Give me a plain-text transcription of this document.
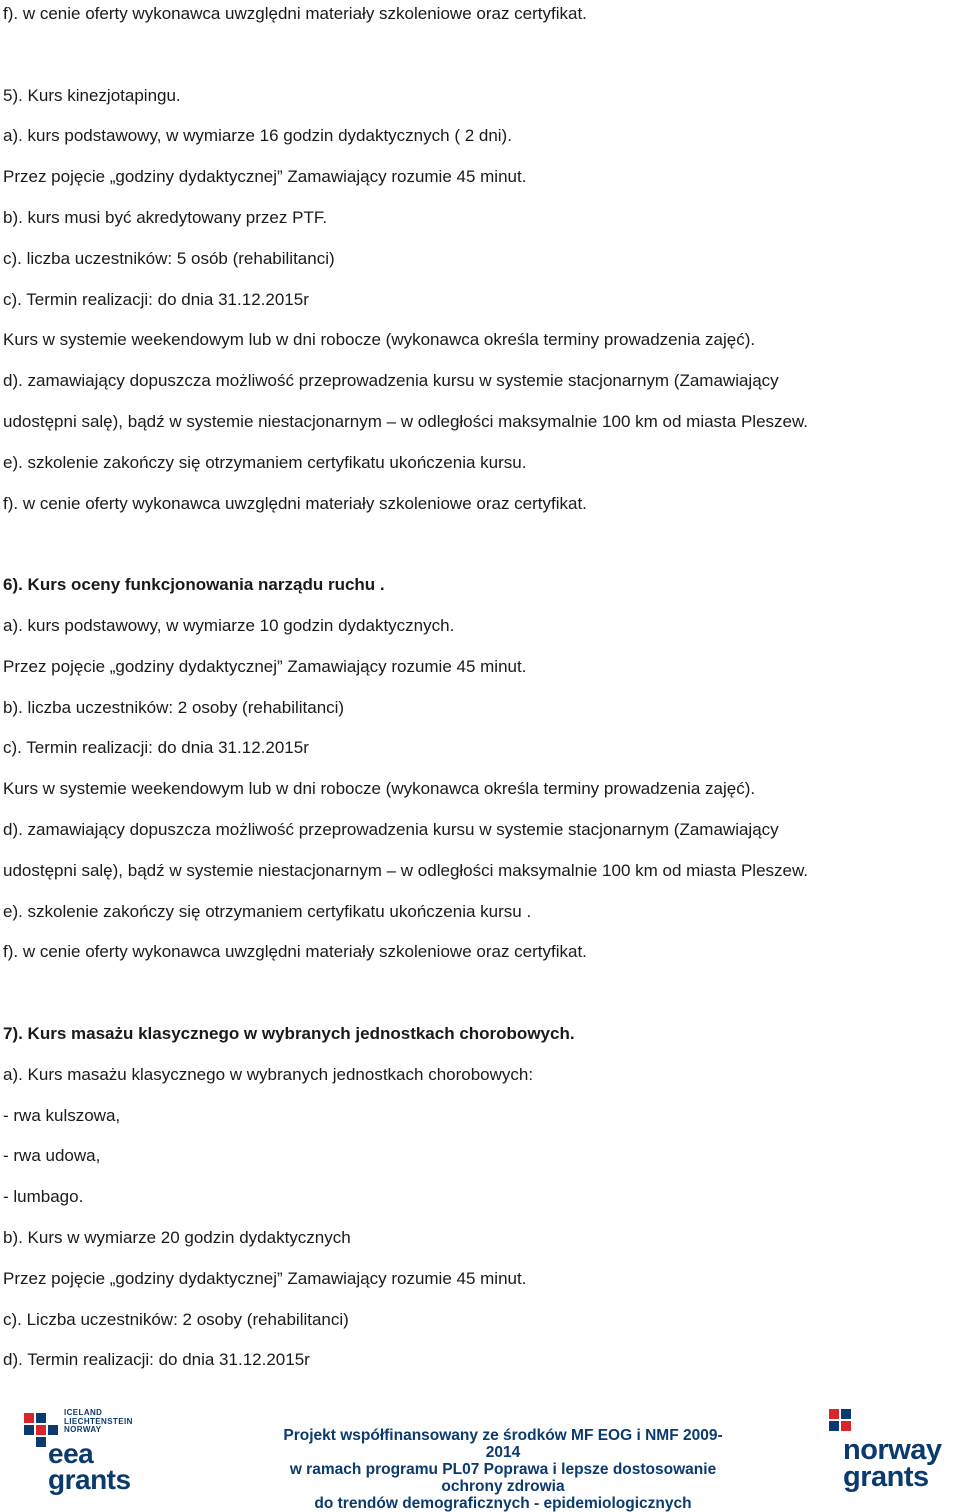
f). w cenie oferty wykonawca uwzględni materiały szkoleniowe oraz certyfikat.
5). Kurs kinezjotapingu.
a). kurs podstawowy, w wymiarze 16 godzin dydaktycznych ( 2 dni).
Przez pojęcie „godziny dydaktycznej” Zamawiający rozumie 45 minut.
b). kurs musi być akredytowany przez PTF.
c). liczba uczestników: 5 osób (rehabilitanci)
c). Termin realizacji: do dnia 31.12.2015r
Kurs w systemie weekendowym lub w dni robocze (wykonawca określa terminy prowadzenia zajęć).
d). zamawiający dopuszcza możliwość przeprowadzenia kursu w systemie stacjonarnym (Zamawiający
udostępni salę), bądź w systemie niestacjonarnym – w odległości maksymalnie 100 km od miasta Pleszew.
e). szkolenie zakończy się otrzymaniem certyfikatu ukończenia kursu.
f). w cenie oferty wykonawca uwzględni materiały szkoleniowe oraz certyfikat.
6). Kurs oceny funkcjonowania narządu ruchu .
a). kurs podstawowy, w wymiarze 10 godzin dydaktycznych.
Przez pojęcie „godziny dydaktycznej” Zamawiający rozumie 45 minut.
b). liczba uczestników: 2 osoby (rehabilitanci)
c). Termin realizacji: do dnia 31.12.2015r
Kurs w systemie weekendowym lub w dni robocze (wykonawca określa terminy prowadzenia zajęć).
d). zamawiający dopuszcza możliwość przeprowadzenia kursu w systemie stacjonarnym (Zamawiający
udostępni salę), bądź w systemie niestacjonarnym – w odległości maksymalnie 100 km od miasta Pleszew.
e). szkolenie zakończy się otrzymaniem certyfikatu ukończenia kursu .
f). w cenie oferty wykonawca uwzględni materiały szkoleniowe oraz certyfikat.
7). Kurs masażu klasycznego w wybranych jednostkach chorobowych.
a). Kurs masażu klasycznego w wybranych jednostkach chorobowych:
- rwa kulszowa,
- rwa udowa,
- lumbago.
b). Kurs w wymiarze 20 godzin dydaktycznych
Przez pojęcie „godziny dydaktycznej” Zamawiający rozumie 45 minut.
c). Liczba uczestników: 2 osoby (rehabilitanci)
d). Termin realizacji: do dnia 31.12.2015r
ICELAND
LIECHTENSTEIN
NORWAY
eea
grants
Projekt współfinansowany ze środków MF EOG i NMF 2009-2014
w ramach programu PL07 Poprawa i lepsze dostosowanie ochrony zdrowia
do trendów demograficznych - epidemiologicznych
norway
grants
